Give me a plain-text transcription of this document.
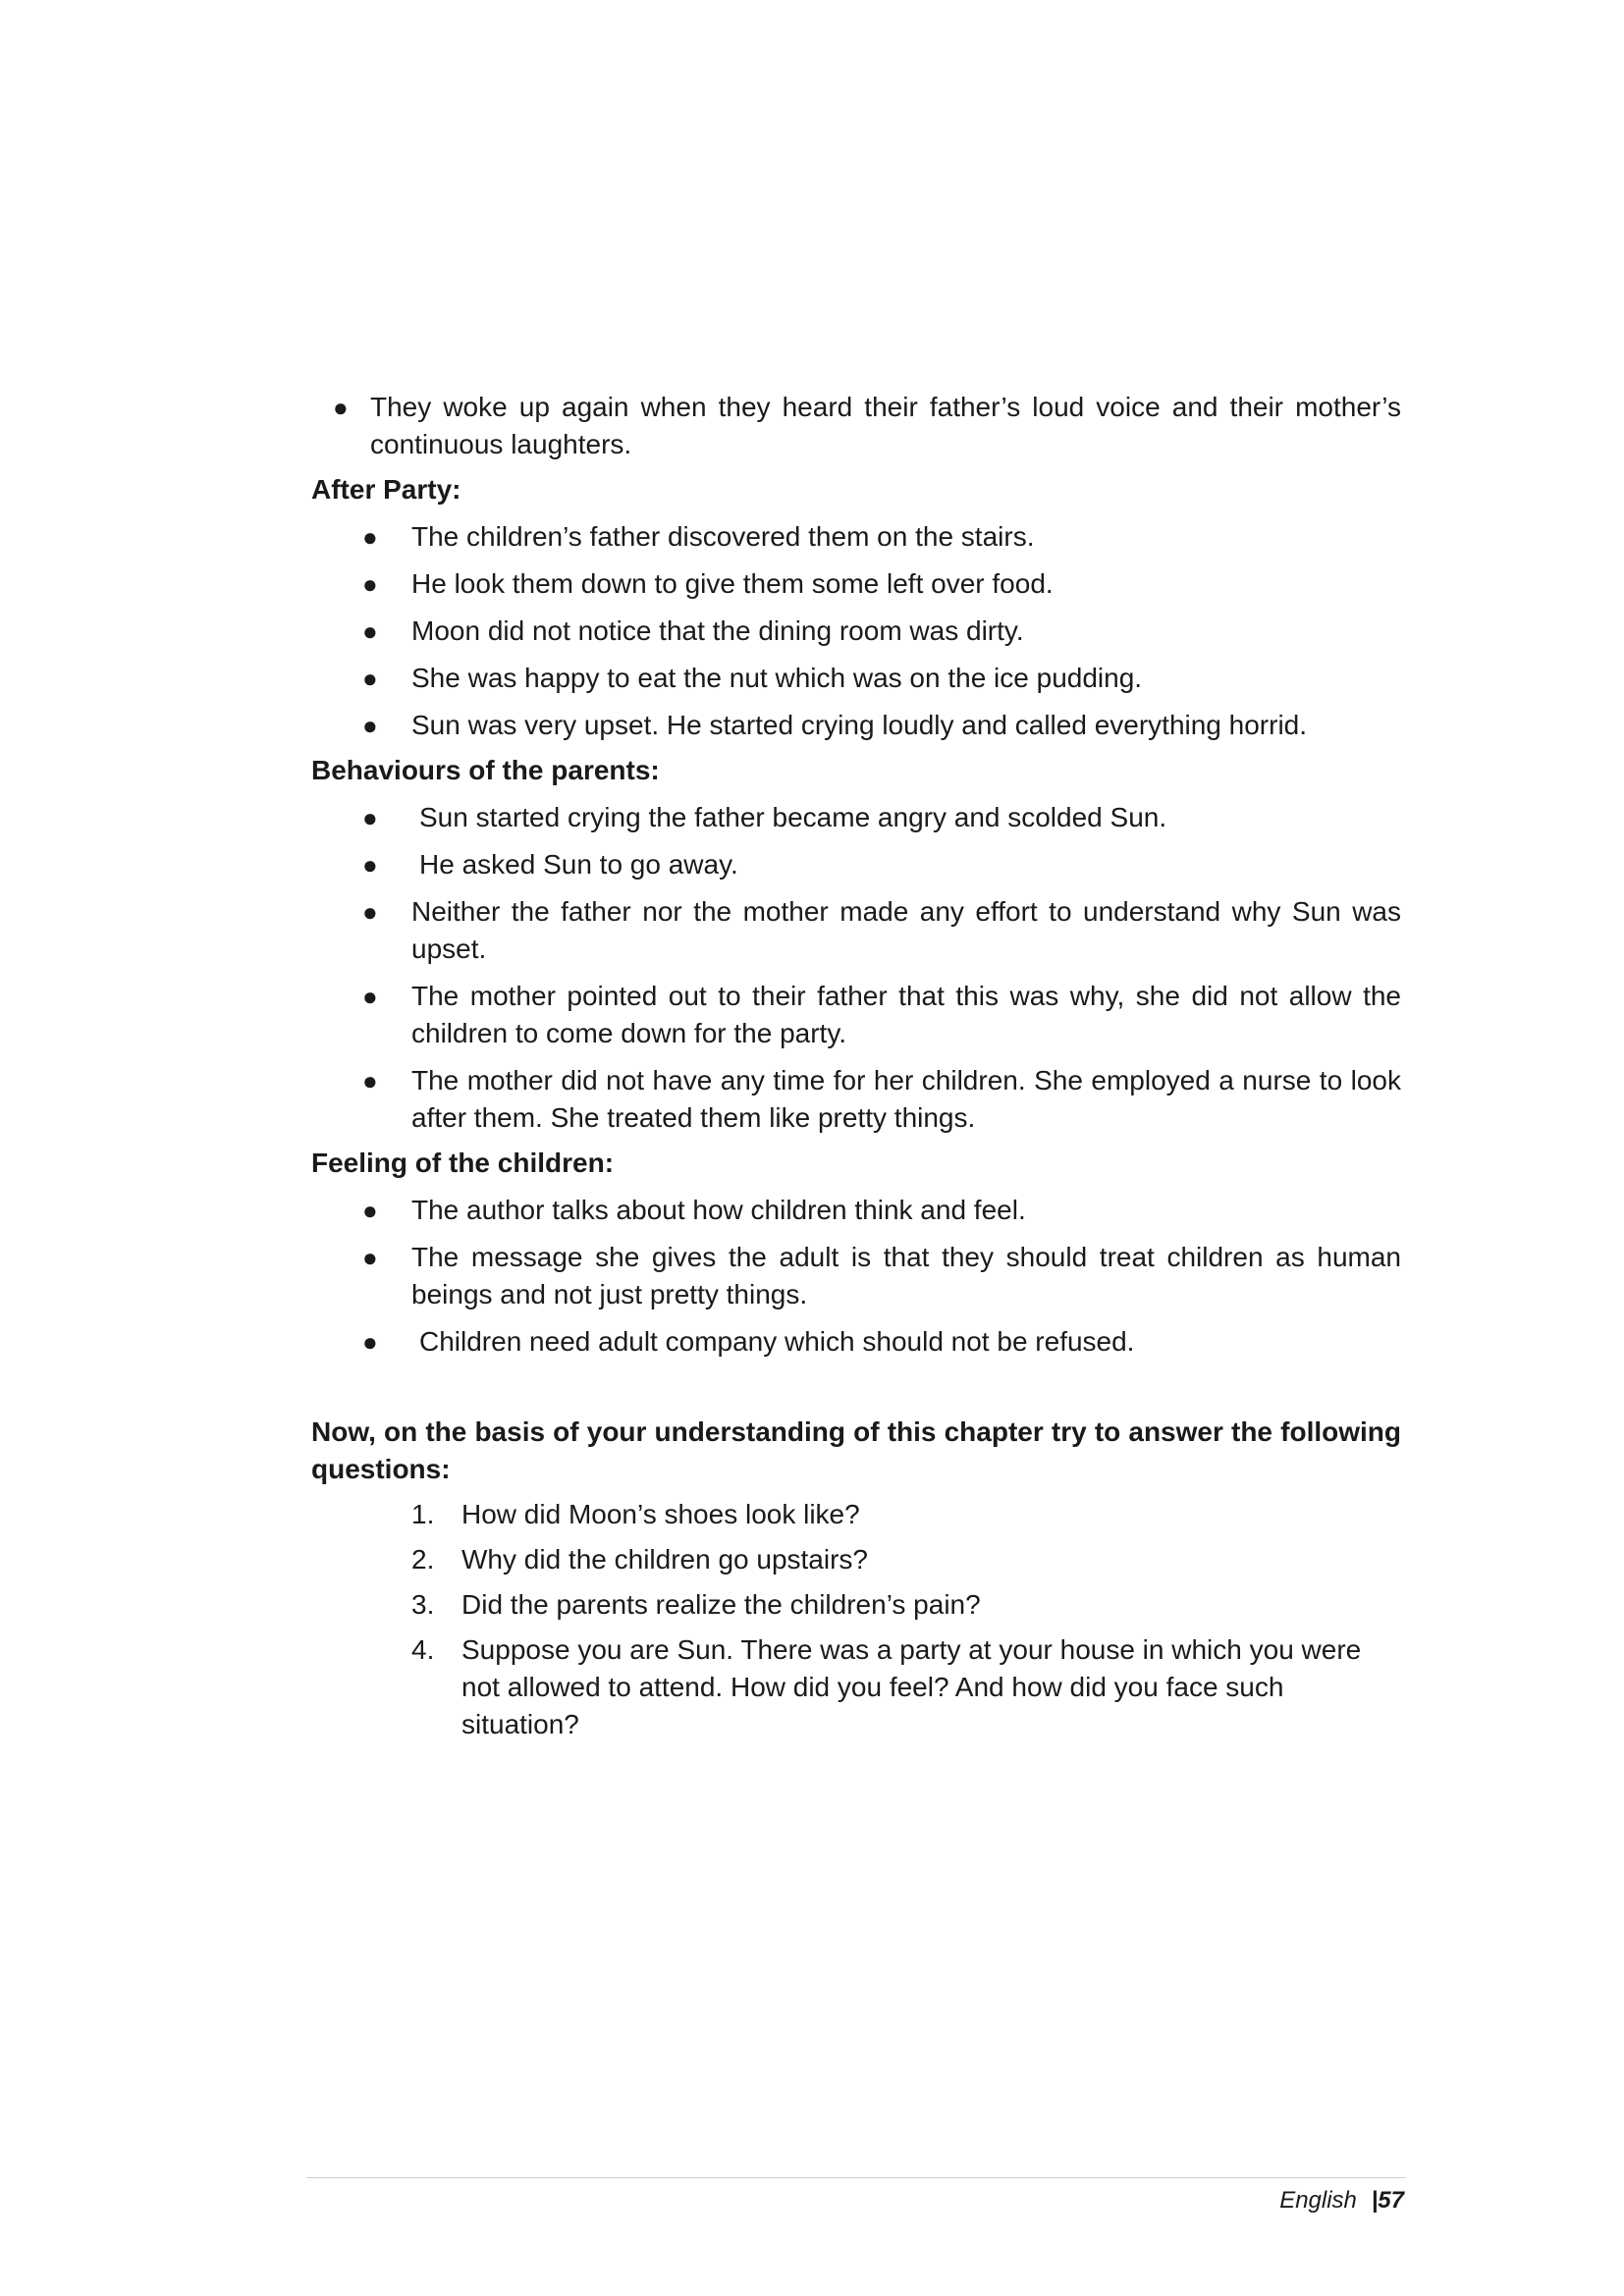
● They woke up again when they heard their father’s loud voice and their mother’s continuous laughters.
After Party:
● The children’s father discovered them on the stairs.
● He look them down to give them some left over food.
● Moon did not notice that the dining room was dirty.
● She was happy to eat the nut which was on the ice pudding.
● Sun was very upset. He started crying loudly and called everything horrid.
Behaviours of the parents:
● Sun started crying the father became angry and scolded Sun.
● He asked Sun to go away.
● Neither the father nor the mother made any effort to understand why Sun was upset.
● The mother pointed out to their father that this was why, she did not allow the children to come down for the party.
● The mother did not have any time for her children. She employed a nurse to look after them. She treated them like pretty things.
Feeling of the children:
● The author talks about how children think and feel.
● The message she gives the adult is that they should treat children as human beings and not just pretty things.
● Children need adult company which should not be refused.
Now, on the basis of your understanding of this chapter try to answer the following questions:
1. How did Moon’s shoes look like?
2. Why did the children go upstairs?
3. Did the parents realize the children’s pain?
4. Suppose you are Sun. There was a party at your house in which you were not allowed to attend. How did you feel? And how did you face such situation?
English |57
